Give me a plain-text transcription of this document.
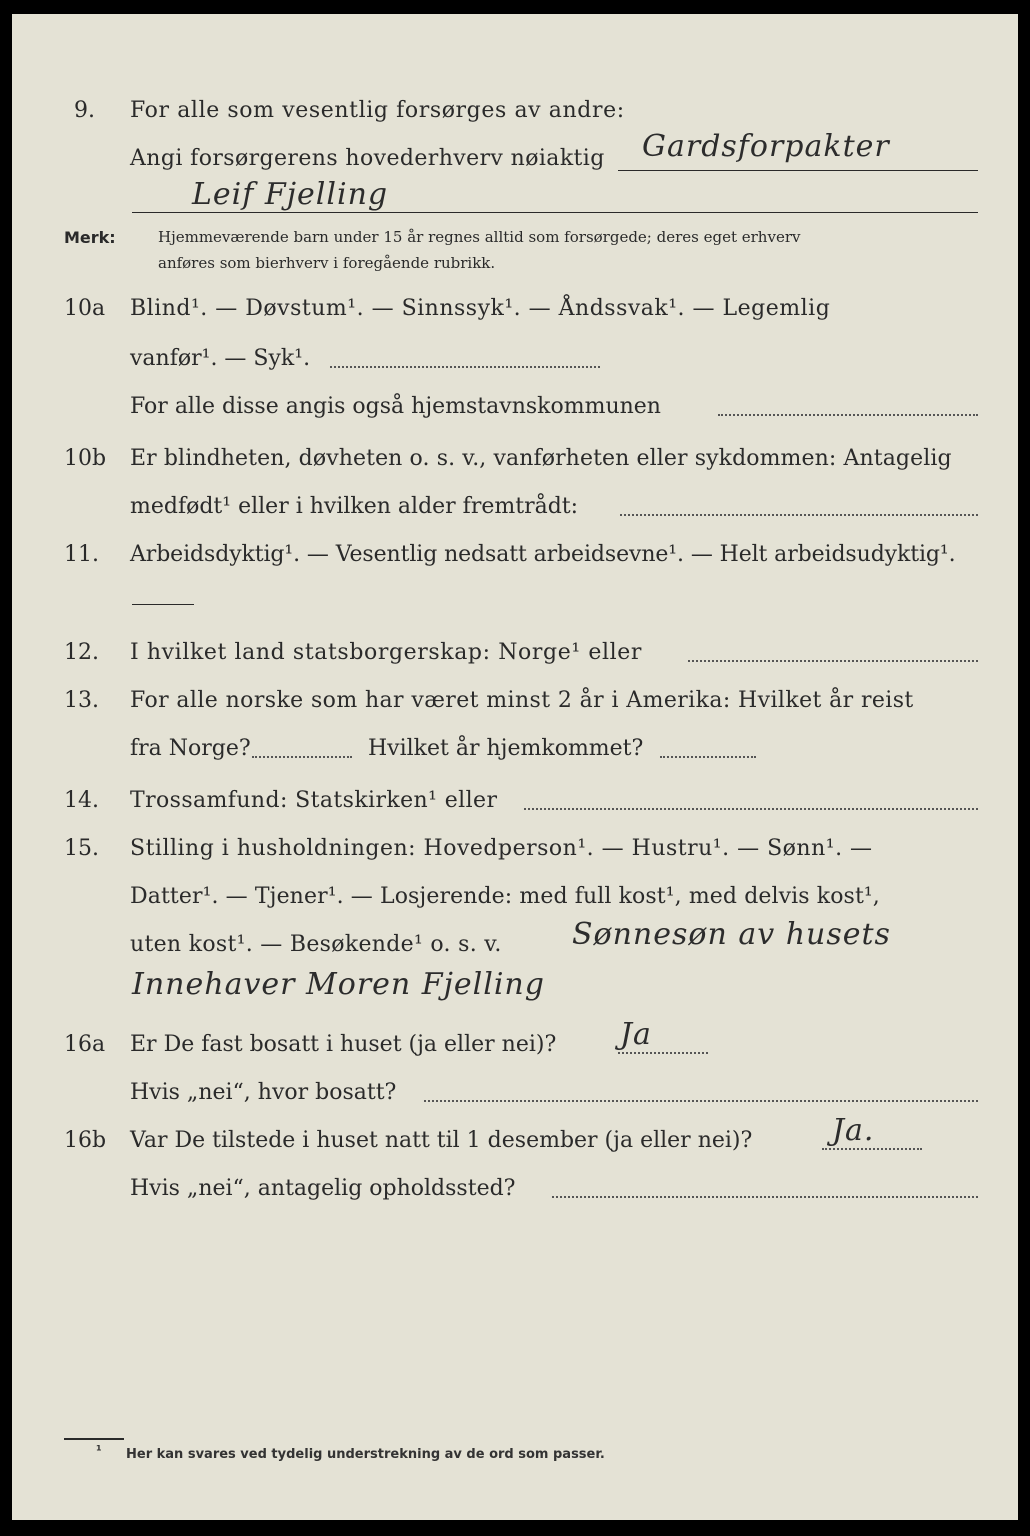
9. For alle som vesentlig forsørges av andre:
Angi forsørgerens hovederhverv nøiaktig Gardsforpakter
Leif Fjelling
Merk:	Hjemmeværende barn under 15 år regnes alltid som forsørgede; deres eget erhverv
anføres som bierhverv i foregående rubrikk.
10a Blind¹. — Døvstum¹. — Sinnssyk¹. — Åndssvak¹. — Legemlig
vanfør¹. — Syk¹.
For alle disse angis også hjemstavnskommunen
10b Er blindheten, døvheten o. s. v., vanførheten eller sykdommen: Antagelig
medfødt¹ eller i hvilken alder fremtrådt:
11. Arbeidsdyktig¹. — Vesentlig nedsatt arbeidsevne¹. — Helt arbeidsudyktig¹.
12. I hvilket land statsborgerskap: Norge¹ eller
13. For alle norske som har været minst 2 år i Amerika: Hvilket år reist
fra Norge?	Hvilket år hjemkommet?
14. Trossamfund: Statskirken¹ eller
15. Stilling i husholdningen: Hovedperson¹. — Hustru¹. — Sønn¹. —
Datter¹. — Tjener¹. — Losjerende: med full kost¹, med delvis kost¹,
uten kost¹. — Besøkende¹ o. s. v. Sønnesøn av husets
Innehaver Moren Fjelling
16a Er De fast bosatt i huset (ja eller nei)? Ja
Hvis „nei“, hvor bosatt?
16b Var De tilstede i huset natt til 1 desember (ja eller nei)?	Ja.
Hvis „nei“, antagelig opholdssted?
¹ Her kan svares ved tydelig understrekning av de ord som passer.
